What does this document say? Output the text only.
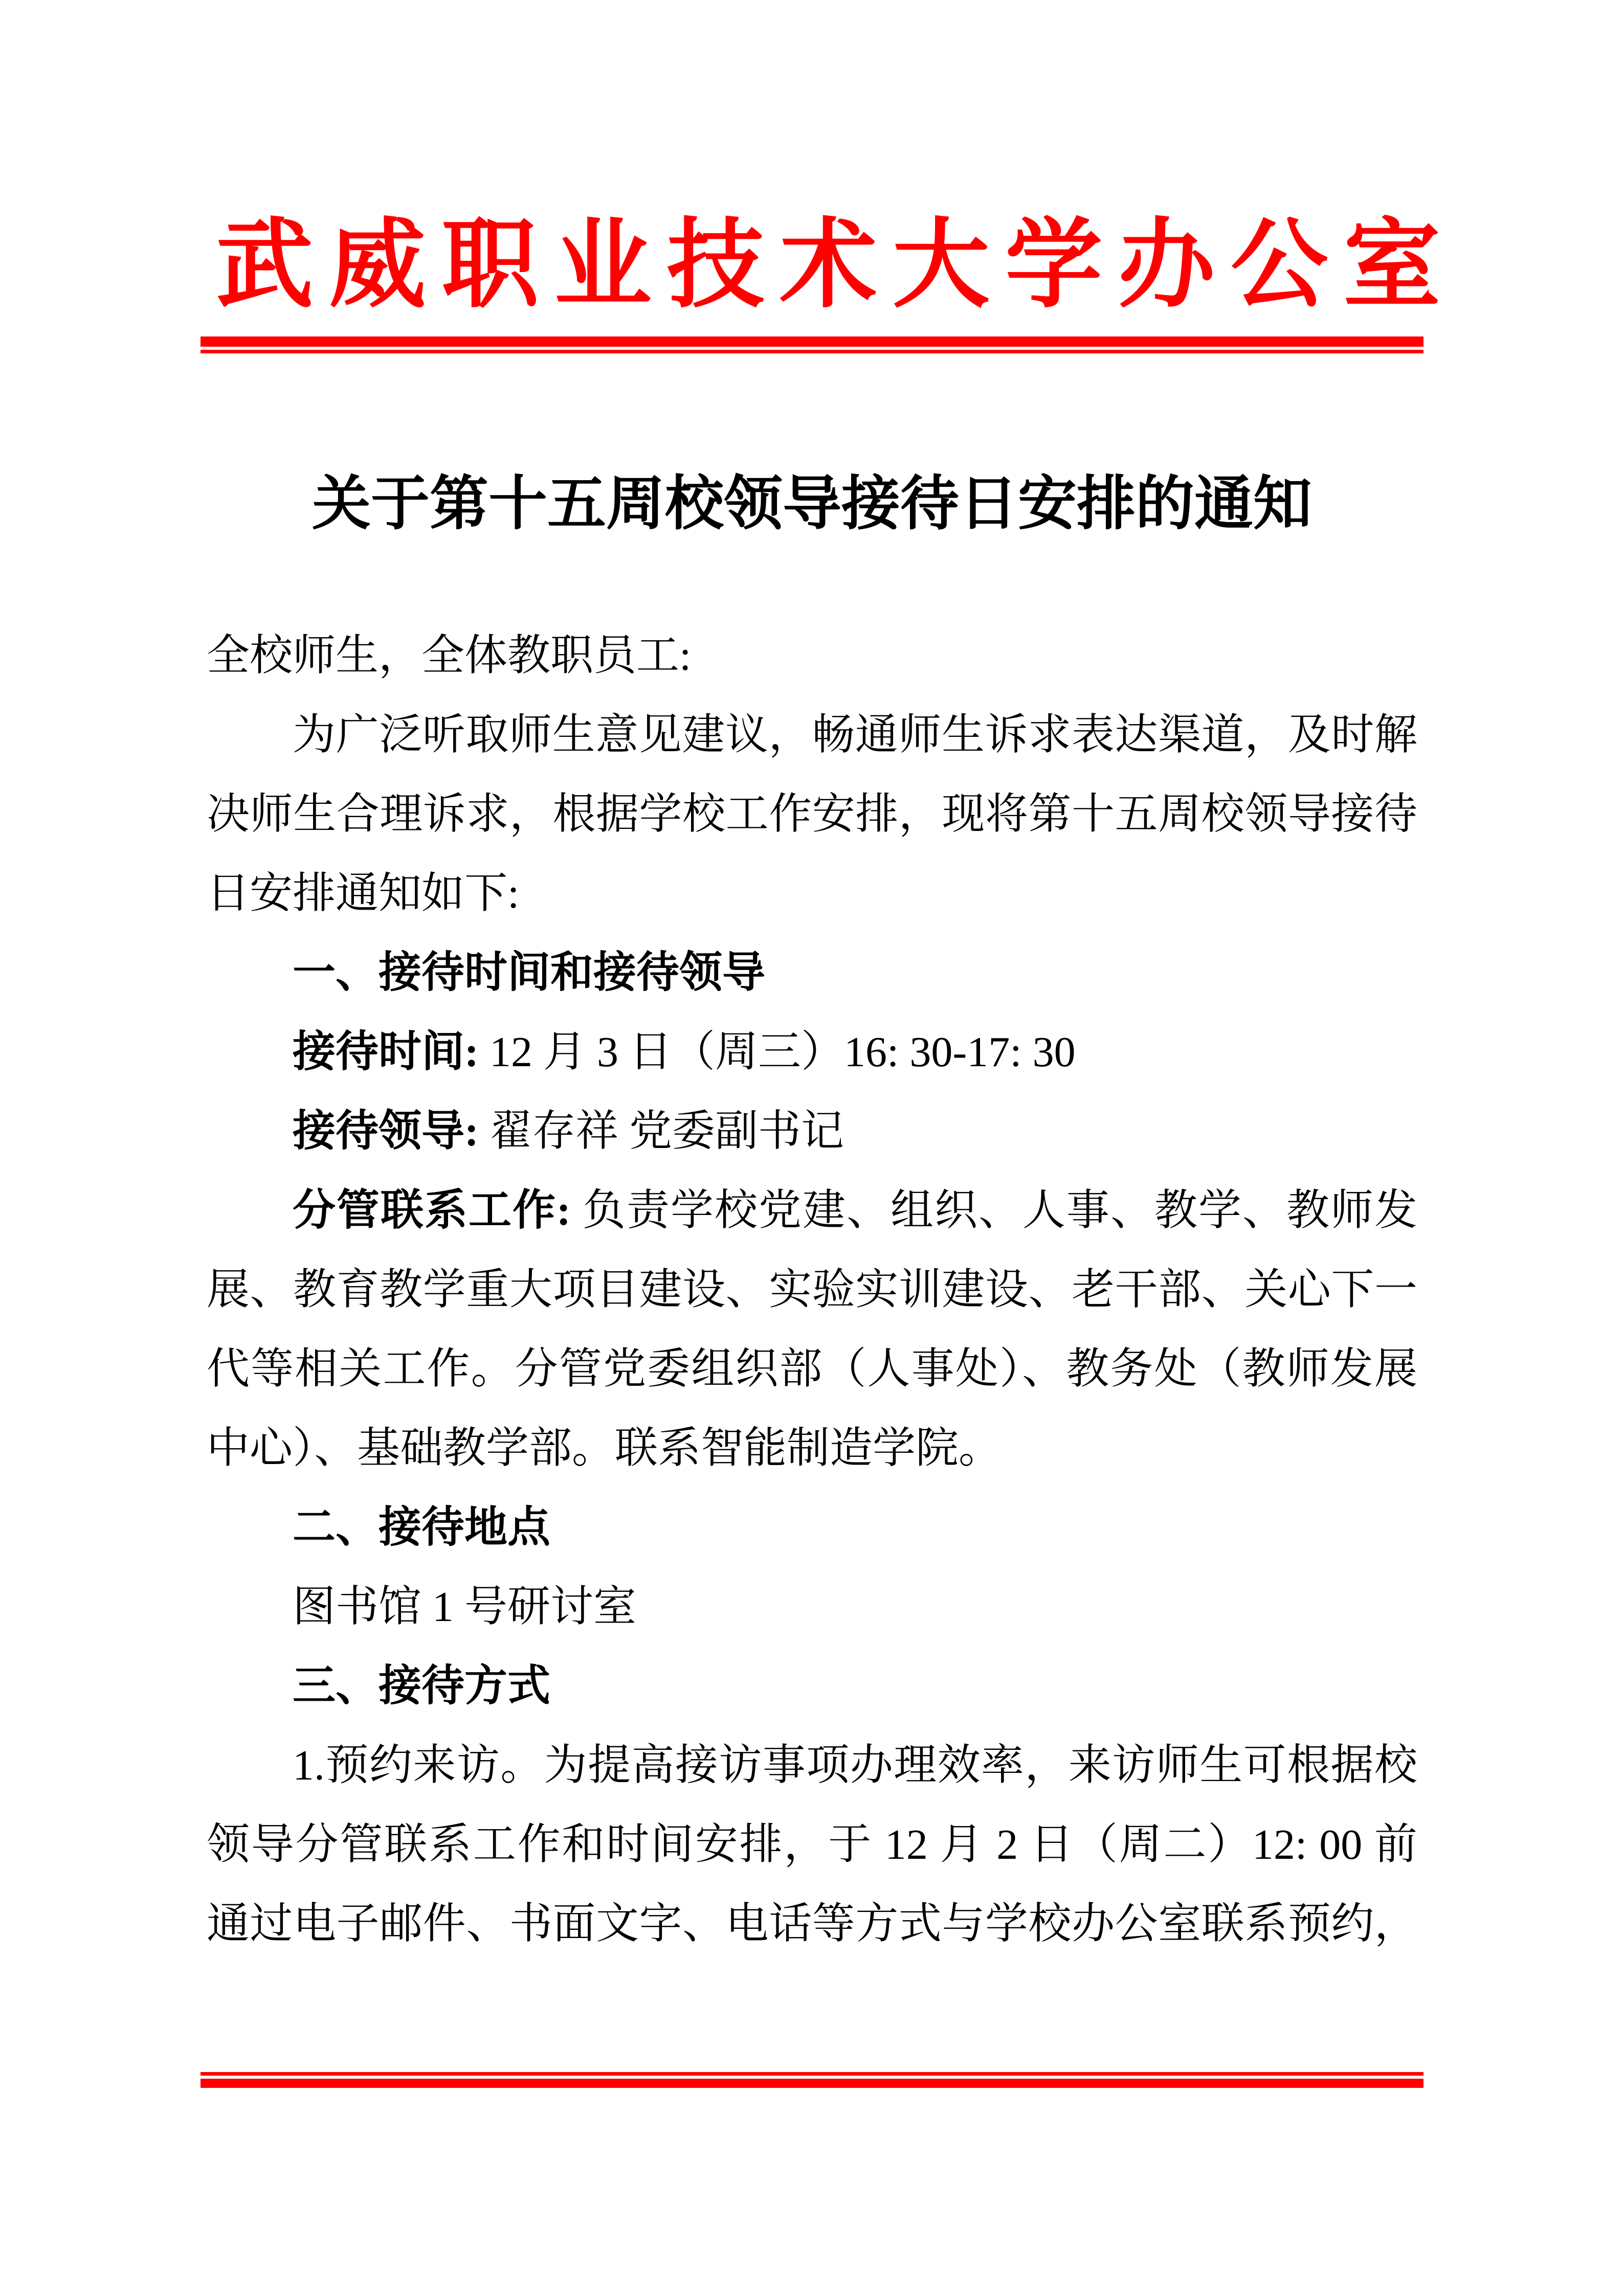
武威职业技术大学办公室
关于第十五周校领导接待日安排的通知
全校师生，全体教职员工:
为广泛听取师生意见建议，畅通师生诉求表达渠道，及时解
决师生合理诉求，根据学校工作安排，现将第十五周校领导接待
日安排通知如下:
一、接待时间和接待领导
接待时间: 12 月 3 日（周三）16: 30-17: 30
接待领导: 翟存祥 党委副书记
分管联系工作: 负责学校党建、组织、人事、教学、教师发
展、教育教学重大项目建设、实验实训建设、老干部、关心下一
代等相关工作。分管党委组织部（人事处）、教务处（教师发展
中心）、基础教学部。联系智能制造学院。
二、接待地点
图书馆 1 号研讨室
三、接待方式
1.预约来访。为提高接访事项办理效率，来访师生可根据校
领导分管联系工作和时间安排，于 12 月 2 日（周二）12: 00 前
通过电子邮件、书面文字、电话等方式与学校办公室联系预约，
